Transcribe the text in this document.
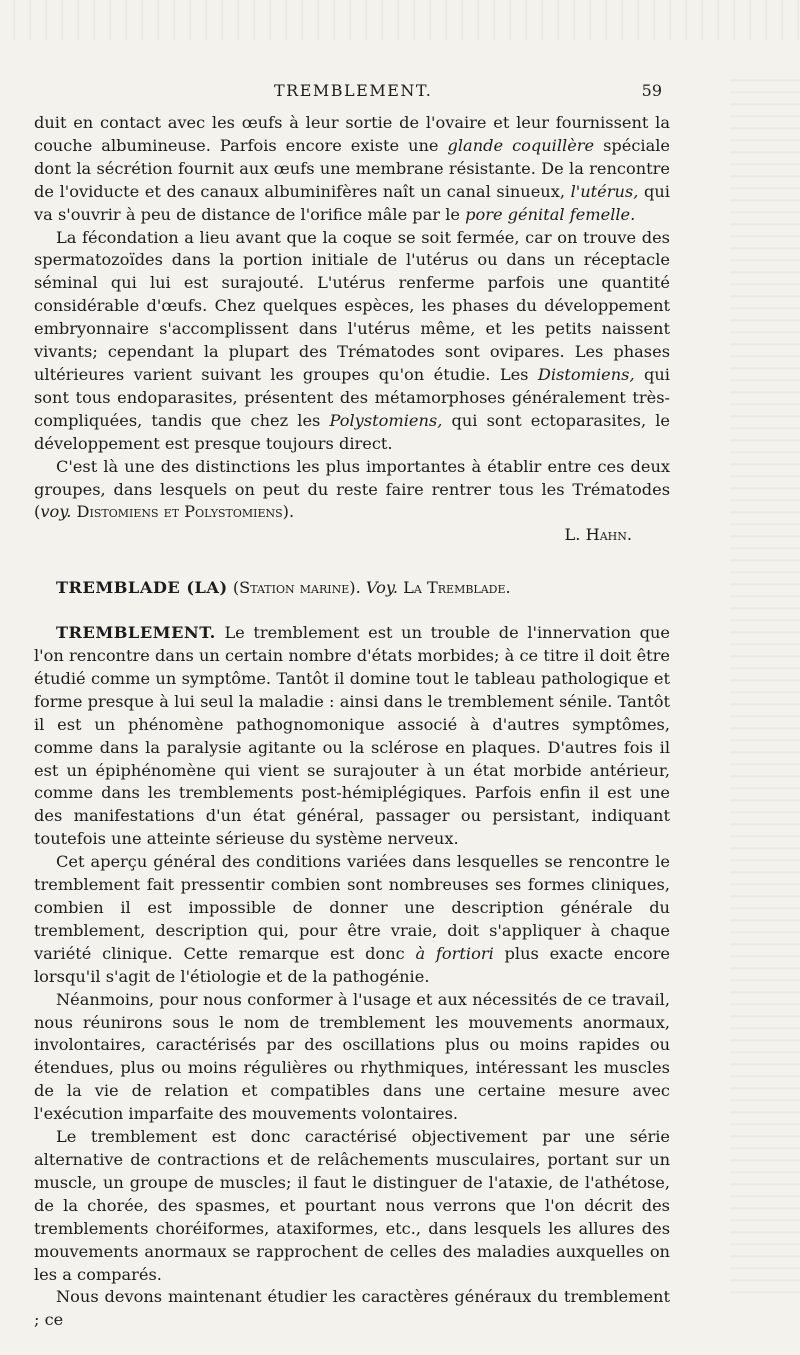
TREMBLEMENT.	59

duit en contact avec les œufs à leur sortie de l'ovaire et leur fournissent la couche albumineuse. Parfois encore existe une glande coquillère spéciale dont la sécrétion fournit aux œufs une membrane résistante. De la rencontre de l'oviducte et des canaux albuminifères naît un canal sinueux, l'utérus, qui va s'ouvrir à peu de distance de l'orifice mâle par le pore génital femelle.

La fécondation a lieu avant que la coque se soit fermée, car on trouve des spermatozoïdes dans la portion initiale de l'utérus ou dans un réceptacle séminal qui lui est surajouté. L'utérus renferme parfois une quantité considérable d'œufs. Chez quelques espèces, les phases du développement embryonnaire s'accomplissent dans l'utérus même, et les petits naissent vivants; cependant la plupart des Trématodes sont ovipares. Les phases ultérieures varient suivant les groupes qu'on étudie. Les Distomiens, qui sont tous endoparasites, présentent des métamorphoses généralement très-compliquées, tandis que chez les Polystomiens, qui sont ectoparasites, le développement est presque toujours direct.

C'est là une des distinctions les plus importantes à établir entre ces deux groupes, dans lesquels on peut du reste faire rentrer tous les Trématodes (voy. Distomiens et Polystomiens).

L. Hahn.

TREMBLADE (LA) (Station marine). Voy. La Tremblade.

TREMBLEMENT. Le tremblement est un trouble de l'innervation que l'on rencontre dans un certain nombre d'états morbides; à ce titre il doit être étudié comme un symptôme. Tantôt il domine tout le tableau pathologique et forme presque à lui seul la maladie : ainsi dans le tremblement sénile. Tantôt il est un phénomène pathognomonique associé à d'autres symptômes, comme dans la paralysie agitante ou la sclérose en plaques. D'autres fois il est un épiphénomène qui vient se surajouter à un état morbide antérieur, comme dans les tremblements post-hémiplégiques. Parfois enfin il est une des manifestations d'un état général, passager ou persistant, indiquant toutefois une atteinte sérieuse du système nerveux.

Cet aperçu général des conditions variées dans lesquelles se rencontre le tremblement fait pressentir combien sont nombreuses ses formes cliniques, combien il est impossible de donner une description générale du tremblement, description qui, pour être vraie, doit s'appliquer à chaque variété clinique. Cette remarque est donc à fortiori plus exacte encore lorsqu'il s'agit de l'étiologie et de la pathogénie.

Néanmoins, pour nous conformer à l'usage et aux nécessités de ce travail, nous réunirons sous le nom de tremblement les mouvements anormaux, involontaires, caractérisés par des oscillations plus ou moins rapides ou étendues, plus ou moins régulières ou rhythmiques, intéressant les muscles de la vie de relation et compatibles dans une certaine mesure avec l'exécution imparfaite des mouvements volontaires.

Le tremblement est donc caractérisé objectivement par une série alternative de contractions et de relâchements musculaires, portant sur un muscle, un groupe de muscles; il faut le distinguer de l'ataxie, de l'athétose, de la chorée, des spasmes, et pourtant nous verrons que l'on décrit des tremblements choréiformes, ataxiformes, etc., dans lesquels les allures des mouvements anormaux se rapprochent de celles des maladies auxquelles on les a comparés.

Nous devons maintenant étudier les caractères généraux du tremblement ; ce
